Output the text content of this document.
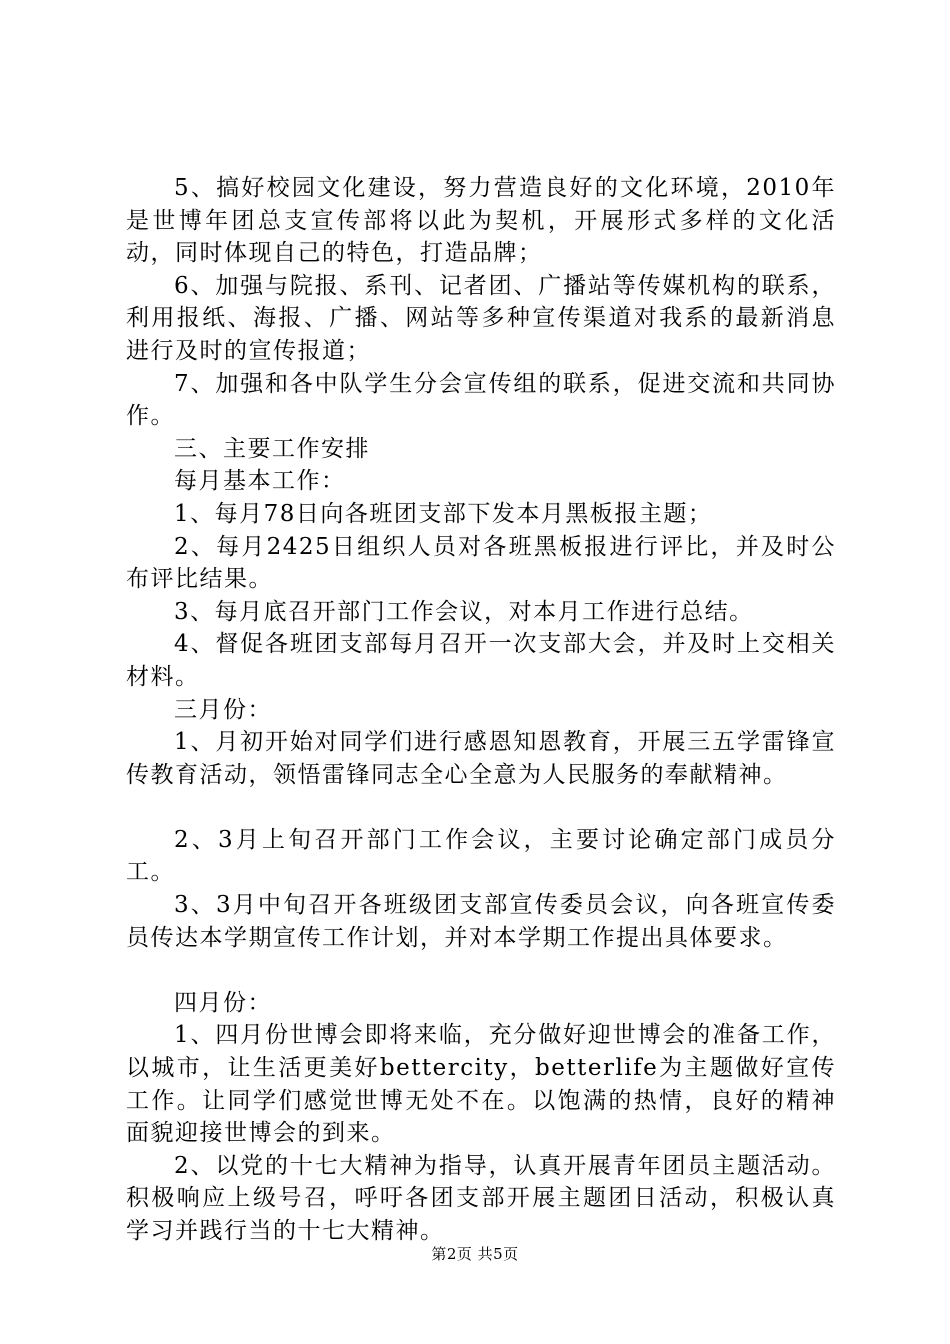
5、搞好校园文化建设，努力营造良好的文化环境，2010年是世博年团总支宣传部将以此为契机，开展形式多样的文化活动，同时体现自己的特色，打造品牌；

6、加强与院报、系刊、记者团、广播站等传媒机构的联系，利用报纸、海报、广播、网站等多种宣传渠道对我系的最新消息进行及时的宣传报道；

7、加强和各中队学生分会宣传组的联系，促进交流和共同协作。

三、主要工作安排

每月基本工作：

1、每月78日向各班团支部下发本月黑板报主题；

2、每月2425日组织人员对各班黑板报进行评比，并及时公布评比结果。

3、每月底召开部门工作会议，对本月工作进行总结。

4、督促各班团支部每月召开一次支部大会，并及时上交相关材料。

三月份：

1、月初开始对同学们进行感恩知恩教育，开展三五学雷锋宣传教育活动，领悟雷锋同志全心全意为人民服务的奉献精神。

2、3月上旬召开部门工作会议，主要讨论确定部门成员分工。

3、3月中旬召开各班级团支部宣传委员会议，向各班宣传委员传达本学期宣传工作计划，并对本学期工作提出具体要求。

四月份：

1、四月份世博会即将来临，充分做好迎世博会的准备工作，以城市，让生活更美好bettercity，betterlife为主题做好宣传工作。让同学们感觉世博无处不在。以饱满的热情，良好的精神面貌迎接世博会的到来。

2、以党的十七大精神为指导，认真开展青年团员主题活动。积极响应上级号召，呼吁各团支部开展主题团日活动，积极认真学习并践行当的十七大精神。

第2页 共5页
